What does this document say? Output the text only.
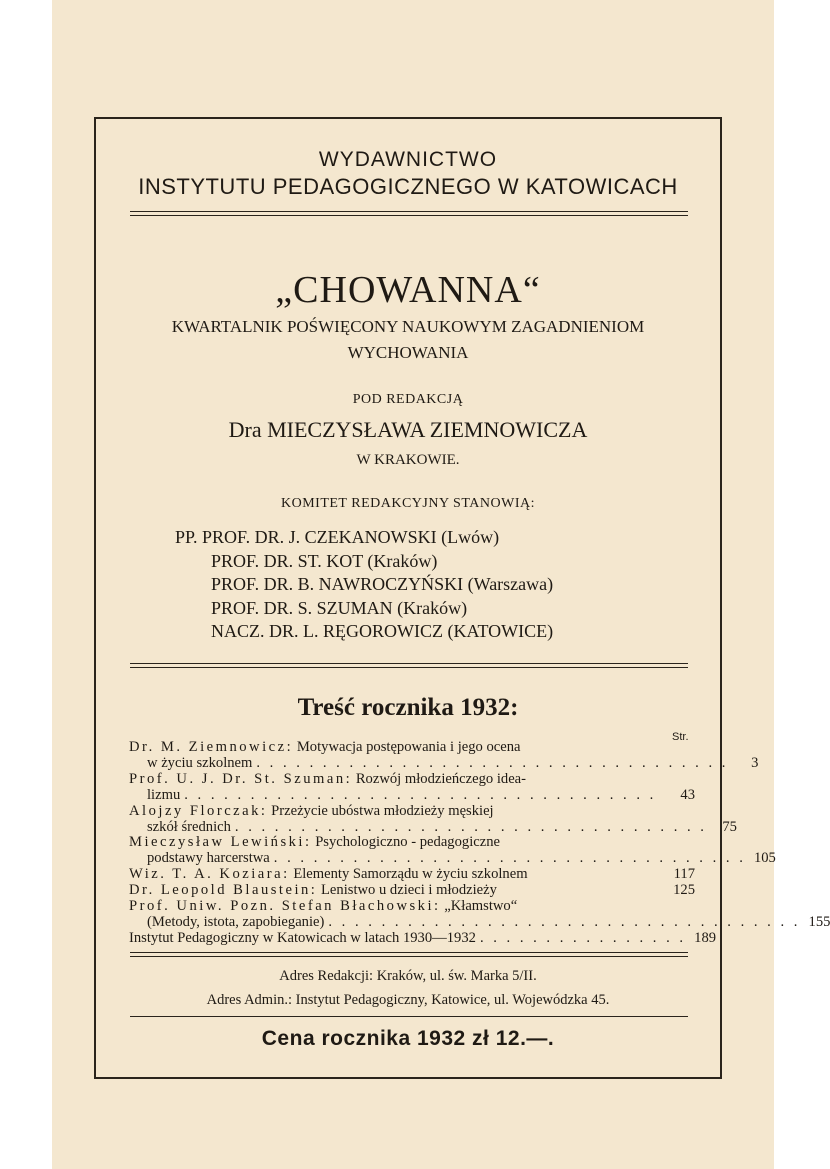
WYDAWNICTWO
INSTYTUTU PEDAGOGICZNEGO W KATOWICACH
„CHOWANNA“
KWARTALNIK POŚWIĘCONY NAUKOWYM ZAGADNIENIOM
WYCHOWANIA
POD REDAKCJĄ
Dra MIECZYSŁAWA ZIEMNOWICZA
W KRAKOWIE.
KOMITET REDAKCYJNY STANOWIĄ:
PP. PROF. DR. J. CZEKANOWSKI (Lwów)
PROF. DR. ST. KOT (Kraków)
PROF. DR. B. NAWROCZYŃSKI (Warszawa)
PROF. DR. S. SZUMAN (Kraków)
NACZ. DR. L. RĘGOROWICZ (KATOWICE)
Treść rocznika 1932:
Str.
Dr. M. Ziemnowicz: Motywacja postępowania i jego ocena
w życiu szkolnem . . . . . . . . . . . . . . . . . . . . . . . . . . . . . . . . . . . .	3
Prof. U. J. Dr. St. Szuman: Rozwój młodzieńczego idea-
lizmu . . . . . . . . . . . . . . . . . . . . . . . . . . . . . . . . . . . .	43
Alojzy Florczak: Przeżycie ubóstwa młodzieży męskiej
szkół średnich . . . . . . . . . . . . . . . . . . . . . . . . . . . . . . . . . . . .	75
Mieczysław Lewiński: Psychologiczno - pedagogiczne
podstawy harcerstwa . . . . . . . . . . . . . . . . . . . . . . . . . . . . . . . . . . . . 105
Wiz. T. A. Koziara: Elementy Samorządu w życiu szkolnem	117
Dr. Leopold Blaustein: Lenistwo u dzieci i młodzieży	125
Prof. Uniw. Pozn. Stefan Błachowski: „Kłamstwo“
(Metody, istota, zapobieganie) . . . . . . . . . . . . . . . . . . . . . . . . . . . . . . . . . . . . 155
Instytut Pedagogiczny w Katowicach w latach 1930—1932 . . . . . . . . . . . . . . . . 189
Adres Redakcji: Kraków, ul. św. Marka 5/II.
Adres Admin.: Instytut Pedagogiczny, Katowice, ul. Wojewódzka 45.
Cena rocznika 1932 zł 12.—.
